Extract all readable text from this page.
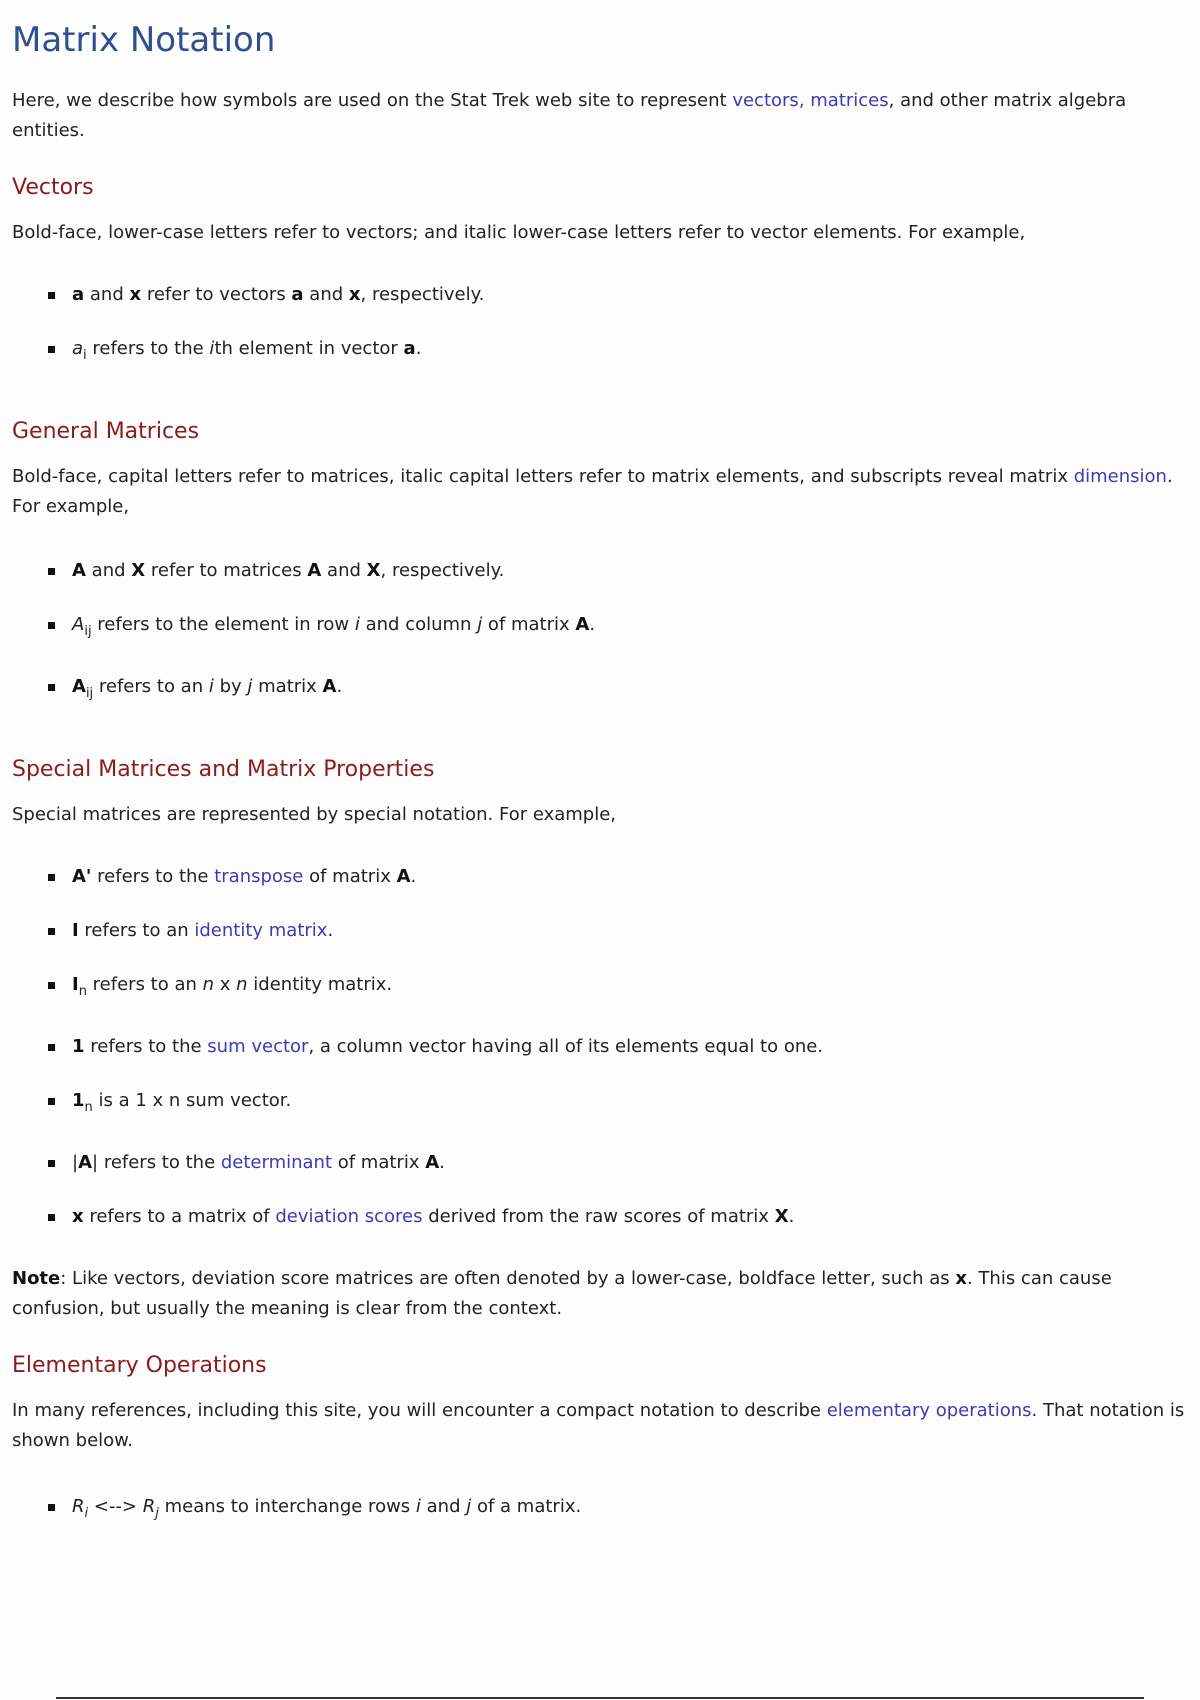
Matrix Notation

Here, we describe how symbols are used on the Stat Trek web site to represent vectors, matrices, and other matrix algebra entities.

Vectors

Bold-face, lower-case letters refer to vectors; and italic lower-case letters refer to vector elements. For example,

a and x refer to vectors a and x, respectively.
$a_i$ refers to the ith element in vector a.
General Matrices

Bold-face, capital letters refer to matrices, italic capital letters refer to matrix elements, and subscripts reveal matrix dimension. For example,

A and X refer to matrices A and X, respectively.
$A_{ij}$ refers to the element in row i and column j of matrix A.
$A_{ij}$ refers to an i by j matrix A.
Special Matrices and Matrix Properties

Special matrices are represented by special notation. For example,

A' refers to the transpose of matrix A.
I refers to an identity matrix.
$I_n$ refers to an n x n identity matrix.
1 refers to the sum vector, a column vector having all of its elements equal to one.
$1_n$ is a 1 x n sum vector.
|A| refers to the determinant of matrix A.
x refers to a matrix of deviation scores derived from the raw scores of matrix X.

Note: Like vectors, deviation score matrices are often denoted by a lower-case, boldface letter, such as x. This can cause confusion, but usually the meaning is clear from the context.

Elementary Operations

In many references, including this site, you will encounter a compact notation to describe elementary operations. That notation is shown below.

$R_i$ <--> $R_j$ means to interchange rows i and j of a matrix.
